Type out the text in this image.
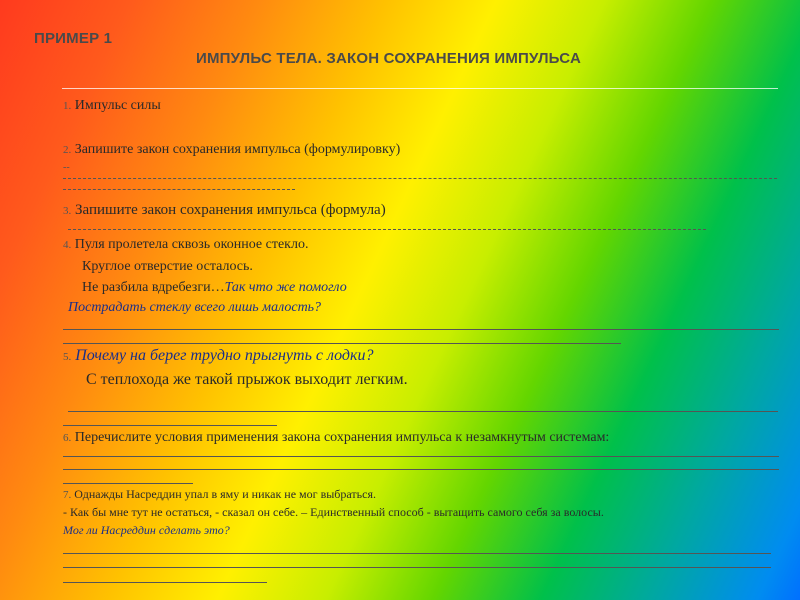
ПРИМЕР 1
ИМПУЛЬС ТЕЛА. ЗАКОН СОХРАНЕНИЯ ИМПУЛЬСА
1. Импульс силы
2. Запишите закон сохранения импульса (формулировку)
--
3. Запишите закон сохранения импульса (формула)
4. Пуля пролетела сквозь оконное стекло.
Круглое отверстие осталось.
Не разбила вдребезги…Так что же помогло
Пострадать стеклу всего лишь малость?
5. Почему на берег трудно прыгнуть с лодки?
С теплохода же такой прыжок выходит легким.
6. Перечислите условия применения закона сохранения импульса к незамкнутым системам:
7. Однажды Насреддин упал в яму и никак не мог выбраться.
- Как бы мне тут не остаться, - сказал он себе. – Единственный способ - вытащить самого себя за волосы.
Мог ли Насреддин сделать это?
